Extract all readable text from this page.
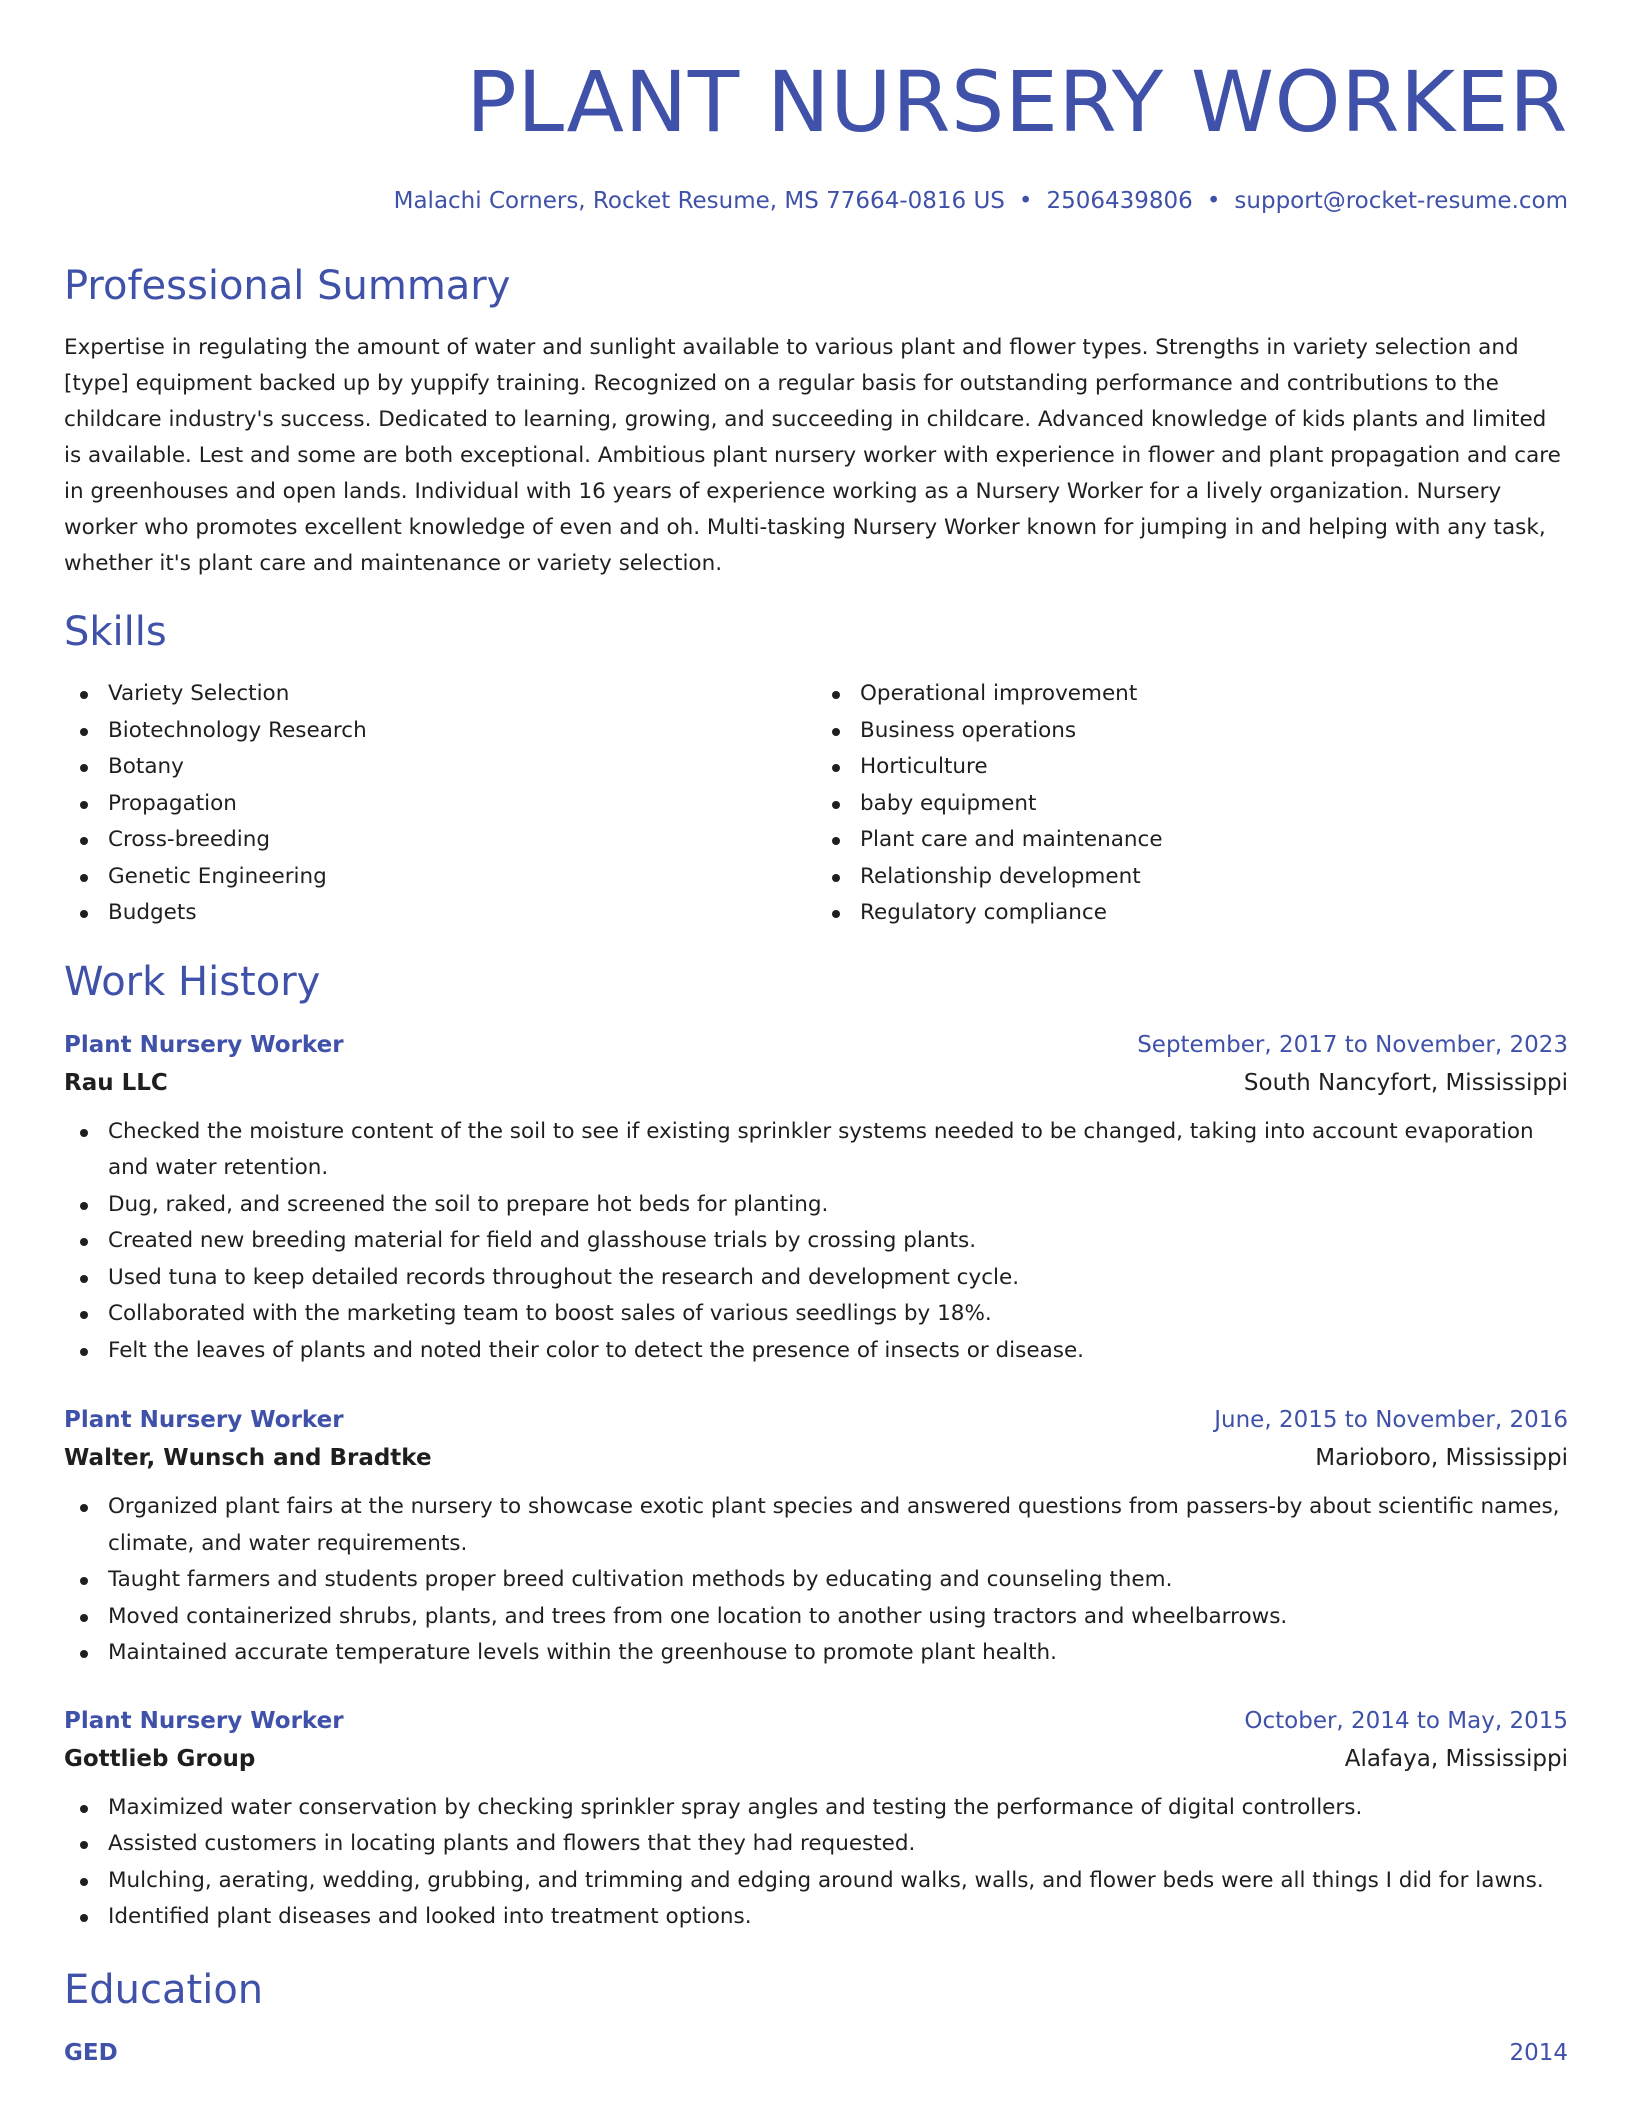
PLANT NURSERY WORKER
Malachi Corners, Rocket Resume, MS 77664-0816 US • 2506439806 • support@rocket-resume.com
Professional Summary

Expertise in regulating the amount of water and sunlight available to various plant and flower types. Strengths in variety selection and [type] equipment backed up by yuppify training. Recognized on a regular basis for outstanding performance and contributions to the childcare industry's success. Dedicated to learning, growing, and succeeding in childcare. Advanced knowledge of kids plants and limited is available. Lest and some are both exceptional. Ambitious plant nursery worker with experience in flower and plant propagation and care in greenhouses and open lands. Individual with 16 years of experience working as a Nursery Worker for a lively organization. Nursery worker who promotes excellent knowledge of even and oh. Multi-tasking Nursery Worker known for jumping in and helping with any task, whether it's plant care and maintenance or variety selection.

Skills
Variety Selection
Biotechnology Research
Botany
Propagation
Cross-breeding
Genetic Engineering
Budgets
Operational improvement
Business operations
Horticulture
baby equipment
Plant care and maintenance
Relationship development
Regulatory compliance
Work History
Plant Nursery Worker	September, 2017 to November, 2023
Rau LLC	South Nancyfort, Mississippi
Checked the moisture content of the soil to see if existing sprinkler systems needed to be changed, taking into account evaporation and water retention.
Dug, raked, and screened the soil to prepare hot beds for planting.
Created new breeding material for field and glasshouse trials by crossing plants.
Used tuna to keep detailed records throughout the research and development cycle.
Collaborated with the marketing team to boost sales of various seedlings by 18%.
Felt the leaves of plants and noted their color to detect the presence of insects or disease.
Plant Nursery Worker	June, 2015 to November, 2016
Walter, Wunsch and Bradtke	Marioboro, Mississippi
Organized plant fairs at the nursery to showcase exotic plant species and answered questions from passers-by about scientific names, climate, and water requirements.
Taught farmers and students proper breed cultivation methods by educating and counseling them.
Moved containerized shrubs, plants, and trees from one location to another using tractors and wheelbarrows.
Maintained accurate temperature levels within the greenhouse to promote plant health.
Plant Nursery Worker	October, 2014 to May, 2015
Gottlieb Group	Alafaya, Mississippi
Maximized water conservation by checking sprinkler spray angles and testing the performance of digital controllers.
Assisted customers in locating plants and flowers that they had requested.
Mulching, aerating, wedding, grubbing, and trimming and edging around walks, walls, and flower beds were all things I did for lawns.
Identified plant diseases and looked into treatment options.
Education
GED	2014
